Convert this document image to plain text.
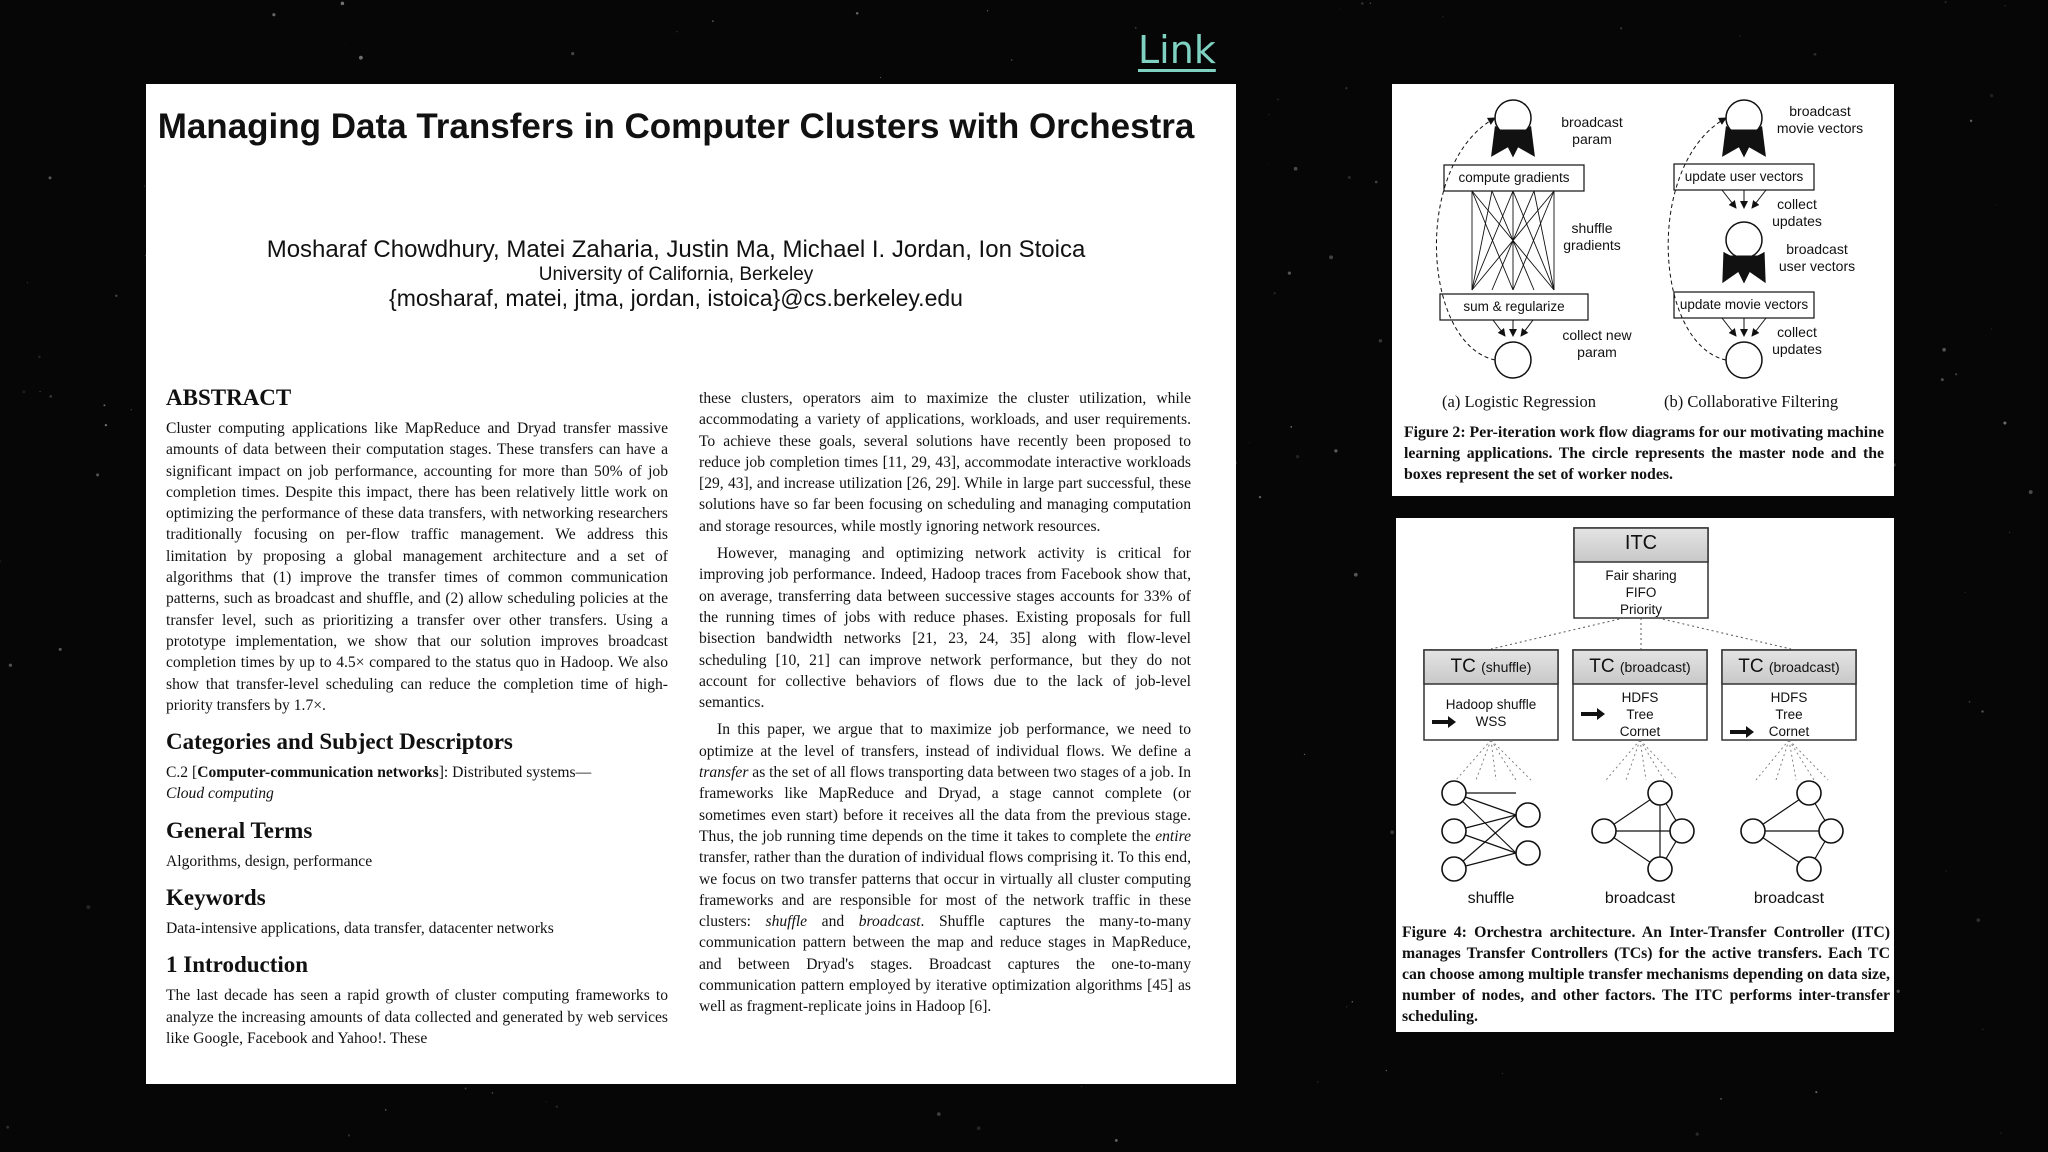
Link
Managing Data Transfers in Computer Clusters with Orchestra
Mosharaf Chowdhury, Matei Zaharia, Justin Ma, Michael I. Jordan, Ion Stoica
University of California, Berkeley
{mosharaf, matei, jtma, jordan, istoica}@cs.berkeley.edu
ABSTRACT

Cluster computing applications like MapReduce and Dryad transfer massive amounts of data between their computation stages. These transfers can have a significant impact on job performance, accounting for more than 50% of job completion times. Despite this impact, there has been relatively little work on optimizing the performance of these data transfers, with networking researchers traditionally focusing on per-flow traffic management. We address this limitation by proposing a global management architecture and a set of algorithms that (1) improve the transfer times of common communication patterns, such as broadcast and shuffle, and (2) allow scheduling policies at the transfer level, such as prioritizing a transfer over other transfers. Using a prototype implementation, we show that our solution improves broadcast completion times by up to 4.5× compared to the status quo in Hadoop. We also show that transfer-level scheduling can reduce the completion time of high-priority transfers by 1.7×.

Categories and Subject Descriptors

C.2 [Computer-communication networks]: Distributed systems—
Cloud computing

General Terms

Algorithms, design, performance

Keywords

Data-intensive applications, data transfer, datacenter networks

1 Introduction

The last decade has seen a rapid growth of cluster computing frameworks to analyze the increasing amounts of data collected and generated by web services like Google, Facebook and Yahoo!. These

these clusters, operators aim to maximize the cluster utilization, while accommodating a variety of applications, workloads, and user requirements. To achieve these goals, several solutions have recently been proposed to reduce job completion times [11, 29, 43], accommodate interactive workloads [29, 43], and increase utilization [26, 29]. While in large part successful, these solutions have so far been focusing on scheduling and managing computation and storage resources, while mostly ignoring network resources.

However, managing and optimizing network activity is critical for improving job performance. Indeed, Hadoop traces from Facebook show that, on average, transferring data between successive stages accounts for 33% of the running times of jobs with reduce phases. Existing proposals for full bisection bandwidth networks [21, 23, 24, 35] along with flow-level scheduling [10, 21] can improve network performance, but they do not account for collective behaviors of flows due to the lack of job-level semantics.

In this paper, we argue that to maximize job performance, we need to optimize at the level of transfers, instead of individual flows. We define a transfer as the set of all flows transporting data between two stages of a job. In frameworks like MapReduce and Dryad, a stage cannot complete (or sometimes even start) before it receives all the data from the previous stage. Thus, the job running time depends on the time it takes to complete the entire transfer, rather than the duration of individual flows comprising it. To this end, we focus on two transfer patterns that occur in virtually all cluster computing frameworks and are responsible for most of the network traffic in these clusters: shuffle and broadcast. Shuffle captures the many-to-many communication pattern between the map and reduce stages in MapReduce, and between Dryad's stages. Broadcast captures the one-to-many communication pattern employed by iterative optimization algorithms [45] as well as fragment-replicate joins in Hadoop [6].

compute gradients
sum & regularize
update user vectors
update movie vectors
broadcast
param
shuffle
gradients
collect new
param
broadcast
movie vectors
collect
updates
broadcast
user vectors
collect
updates
(a) Logistic Regression	(b) Collaborative Filtering
Figure 2: Per-iteration work flow diagrams for our motivating machine learning applications. The circle represents the master node and the boxes represent the set of worker nodes.
ITC
Fair sharing
FIFO
Priority
TC (shuffle)	TC (broadcast)	TC (broadcast)
Hadoop shuffle
WSS
HDFS
Tree
Cornet
HDFS
Tree
Cornet
shuffle	broadcast	broadcast
Figure 4: Orchestra architecture. An Inter-Transfer Controller (ITC) manages Transfer Controllers (TCs) for the active transfers. Each TC can choose among multiple transfer mechanisms depending on data size, number of nodes, and other factors. The ITC performs inter-transfer scheduling.
